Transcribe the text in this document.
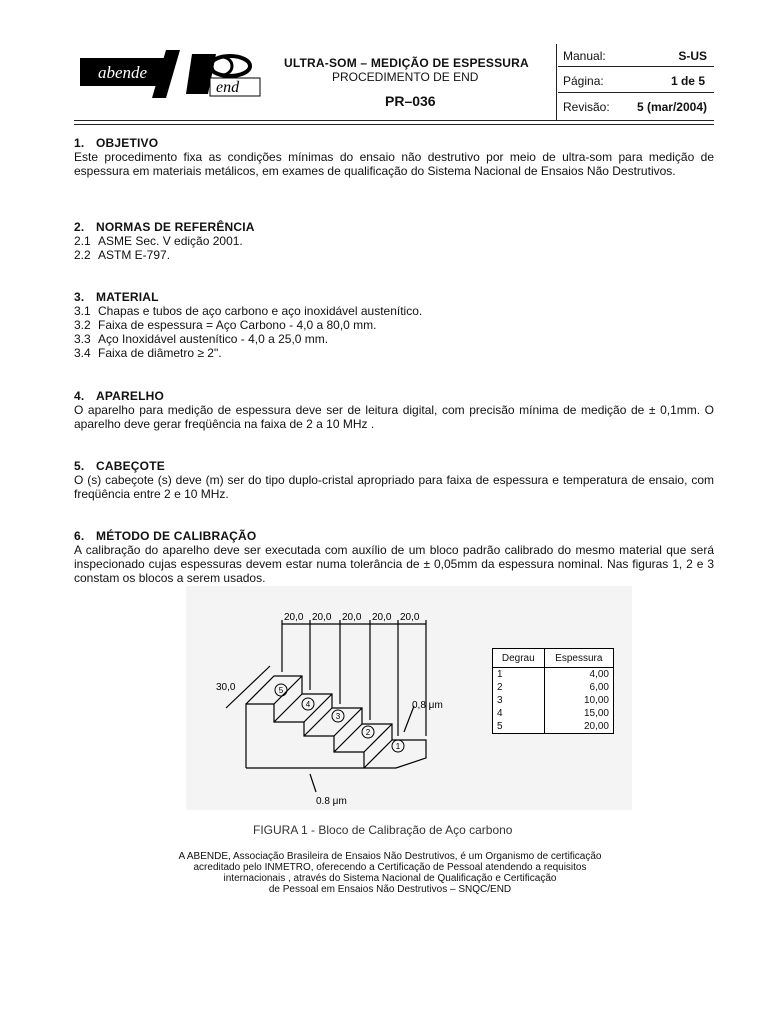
abende
end
ULTRA-SOM – MEDIÇÃO DE ESPESSURA
PROCEDIMENTO DE END
PR–036
Manual:	S-US
Página:	1 de 5
Revisão:	5 (mar/2004)
1. OBJETIVO

Este procedimento fixa as condições mínimas do ensaio não destrutivo por meio de ultra-som para medição de espessura em materiais metálicos, em exames de qualificação do Sistema Nacional de Ensaios Não Destrutivos.

2. NORMAS DE REFERÊNCIA
2.1 ASME Sec. V edição 2001.
2.2 ASTM E-797.
3. MATERIAL
3.1 Chapas e tubos de aço carbono e aço inoxidável austenítico.
3.2 Faixa de espessura = Aço Carbono - 4,0 a 80,0 mm.
3.3 Aço Inoxidável austenítico - 4,0 a 25,0 mm.
3.4 Faixa de diâmetro ≥ 2".
4. APARELHO

O aparelho para medição de espessura deve ser de leitura digital, com precisão mínima de medição de ± 0,1mm. O aparelho deve gerar freqüência na faixa de 2 a 10 MHz .

5. CABEÇOTE

O (s) cabeçote (s) deve (m) ser do tipo duplo-cristal apropriado para faixa de espessura e temperatura de ensaio, com freqüência entre 2 e 10 MHz.

6. MÉTODO DE CALIBRAÇÃO

A calibração do aparelho deve ser executada com auxílio de um bloco padrão calibrado do mesmo material que será inspecionado cujas espessuras devem estar numa tolerância de ± 0,05mm da espessura nominal. Nas figuras 1, 2 e 3 constam os blocos a serem usados.

20,0 20,0 20,0 20,0 20,0
30,0
0,8 μm
0.8 μm
5
4
3
2
1
Degrau	Espessura
1	4,00
2	6,00
3	10,00
4	15,00
5	20,00
FIGURA 1 - Bloco de Calibração de Aço carbono
A ABENDE, Associação Brasileira de Ensaios Não Destrutivos, é um Organismo de certificação
acreditado pelo INMETRO, oferecendo a Certificação de Pessoal atendendo a requisitos
internacionais , através do Sistema Nacional de Qualificação e Certificação
de Pessoal em Ensaios Não Destrutivos – SNQC/END
